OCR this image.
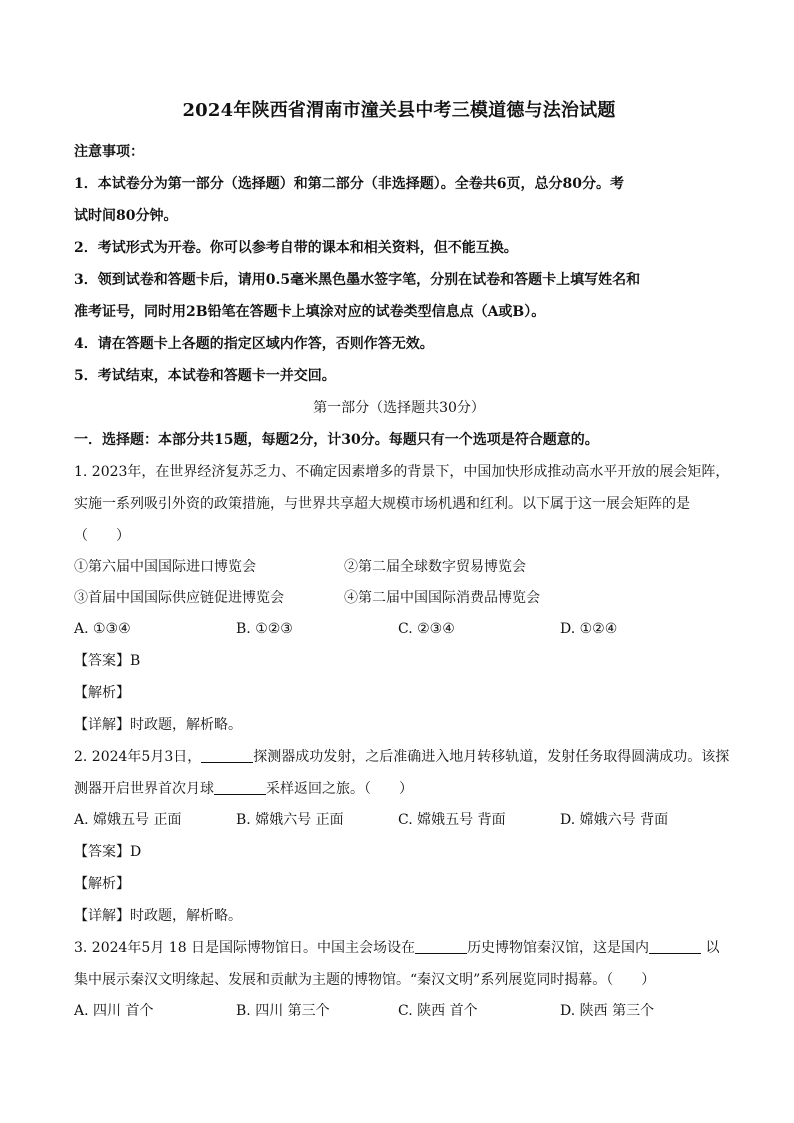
2024年陕西省渭南市潼关县中考三模道德与法治试题
注意事项：
1．本试卷分为第一部分（选择题）和第二部分（非选择题）。全卷共6页，总分80分。考
试时间80分钟。
2．考试形式为开卷。你可以参考自带的课本和相关资料，但不能互换。
3．领到试卷和答题卡后，请用0.5毫米黑色墨水签字笔，分别在试卷和答题卡上填写姓名和
准考证号，同时用2B铅笔在答题卡上填涂对应的试卷类型信息点（A或B）。
4．请在答题卡上各题的指定区域内作答，否则作答无效。
5．考试结束，本试卷和答题卡一并交回。
第一部分（选择题共30分）
一．选择题：本部分共15题，每题2分，计30分。每题只有一个选项是符合题意的。
1. 2023年，在世界经济复苏乏力、不确定因素增多的背景下，中国加快形成推动高水平开放的展会矩阵，
实施一系列吸引外资的政策措施，与世界共享超大规模市场机遇和红利。以下属于这一展会矩阵的是
（　　）
①第六届中国国际进口博览会	②第二届全球数字贸易博览会
③首届中国国际供应链促进博览会	④第二届中国国际消费品博览会
A. ①③④	B. ①②③	C. ②③④	D. ①②④
【答案】B
【解析】
【详解】时政题，解析略。
2. 2024年5月3日，	探测器成功发射，之后准确进入地月转移轨道，发射任务取得圆满成功。该探
测器开启世界首次月球	采样返回之旅。（　　）
A. 嫦娥五号 正面	B. 嫦娥六号 正面	C. 嫦娥五号 背面	D. 嫦娥六号 背面
【答案】D
【解析】
【详解】时政题，解析略。
3. 2024年5月 18 日是国际博物馆日。中国主会场设在	历史博物馆秦汉馆，这是国内	以
集中展示秦汉文明缘起、发展和贡献为主题的博物馆。“秦汉文明”系列展览同时揭幕。（　　）
A. 四川 首个	B. 四川 第三个	C. 陕西 首个	D. 陕西 第三个
